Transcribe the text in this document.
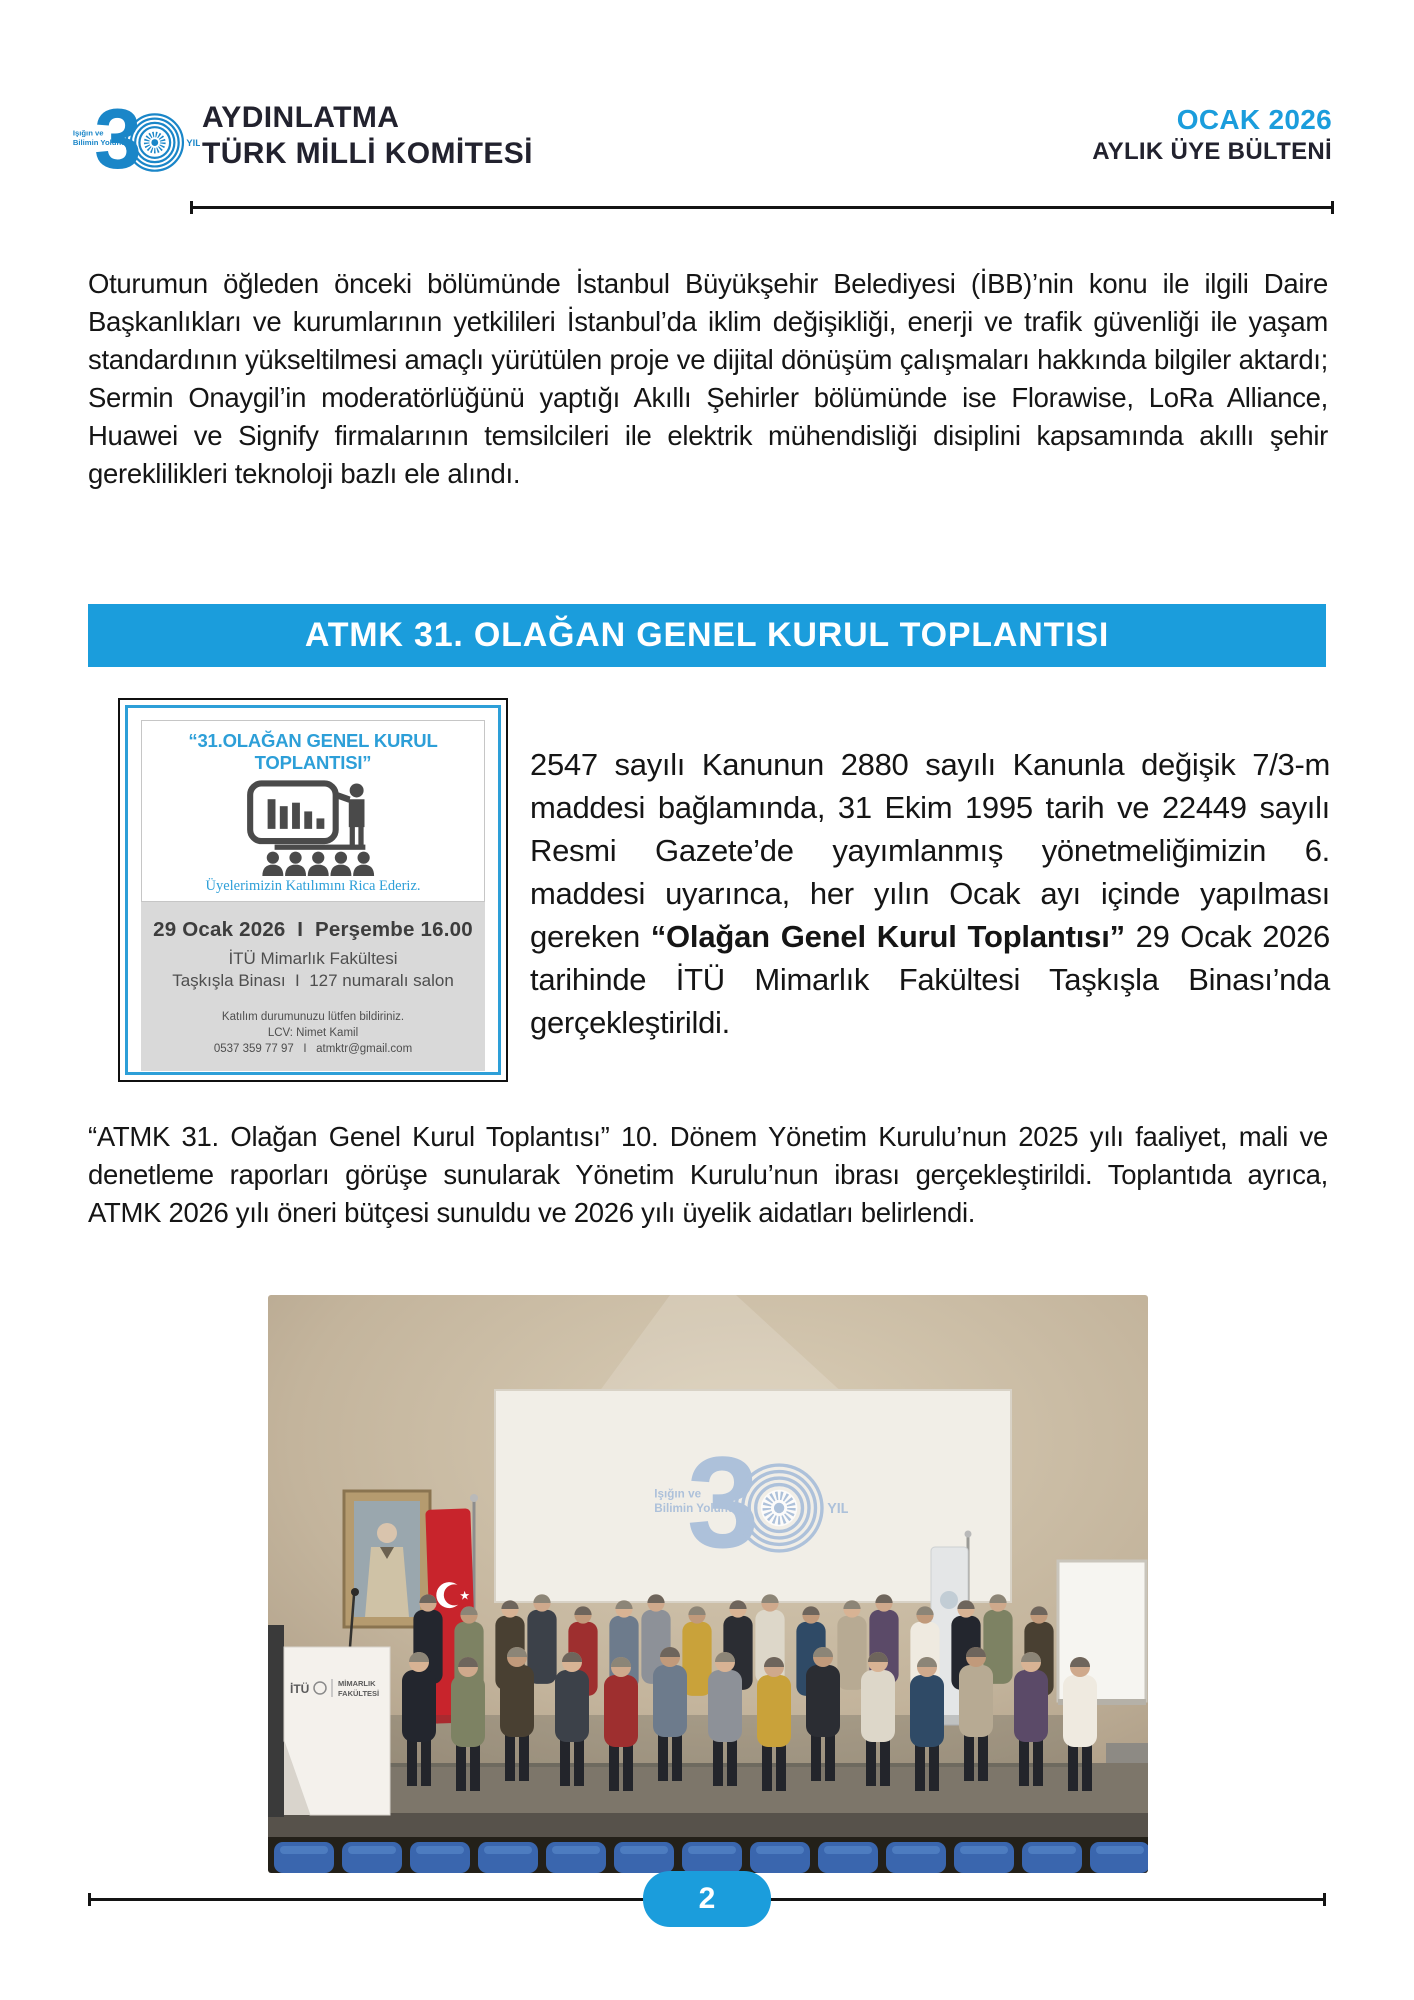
AYDINLATMA
TÜRK MİLLİ KOMİTESİ
OCAK 2026
AYLIK ÜYE BÜLTENİ

Oturumun öğleden önceki bölümünde İstanbul Büyükşehir Belediyesi (İBB)’nin konu ile ilgili Daire Başkanlıkları ve kurumlarının yetkilileri İstanbul’da iklim değişikliği, enerji ve trafik güvenliği ile yaşam standardının yükseltilmesi amaçlı yürütülen proje ve dijital dönüşüm çalışmaları hakkında bilgiler aktardı; Sermin Onaygil’in moderatörlüğünü yaptığı Akıllı Şehirler bölümünde ise Florawise, LoRa Alliance, Huawei ve Signify firmalarının temsilcileri ile elektrik mühendisliği disiplini kapsamında akıllı şehir gereklilikleri teknoloji bazlı ele alındı.

ATMK 31. OLAĞAN GENEL KURUL TOPLANTISI
“31.OLAĞAN GENEL KURUL TOPLANTISI”
Üyelerimizin Katılımını Rica Ederiz.
29 Ocak 2026  I  Perşembe 16.00
İTÜ Mimarlık Fakültesi
Taşkışla Binası  I  127 numaralı salon
Katılım durumunuzu lütfen bildiriniz.
LCV: Nimet Kamil
0537 359 77 97   I   atmktr@gmail.com

2547 sayılı Kanunun 2880 sayılı Kanunla değişik 7/3-m maddesi bağlamında, 31 Ekim 1995 tarih ve 22449 sayılı Resmi Gazete’de yayımlanmış yönetmeliğimizin 6. maddesi uyarınca, her yılın Ocak ayı içinde yapılması gereken “Olağan Genel Kurul Toplantısı” 29 Ocak 2026 tarihinde İTÜ Mimarlık Fakültesi Taşkışla Binası’nda gerçekleştirildi.

“ATMK 31. Olağan Genel Kurul Toplantısı” 10. Dönem Yönetim Kurulu’nun 2025 yılı faaliyet, mali ve denetleme raporları görüşe sunularak Yönetim Kurulu’nun ibrası gerçekleştirildi. Toplantıda ayrıca, ATMK 2026 yılı öneri bütçesi sunuldu ve 2026 yılı üyelik aidatları belirlendi.

★
İTÜ	MİMARLIK
FAKÜLTESİ
2
